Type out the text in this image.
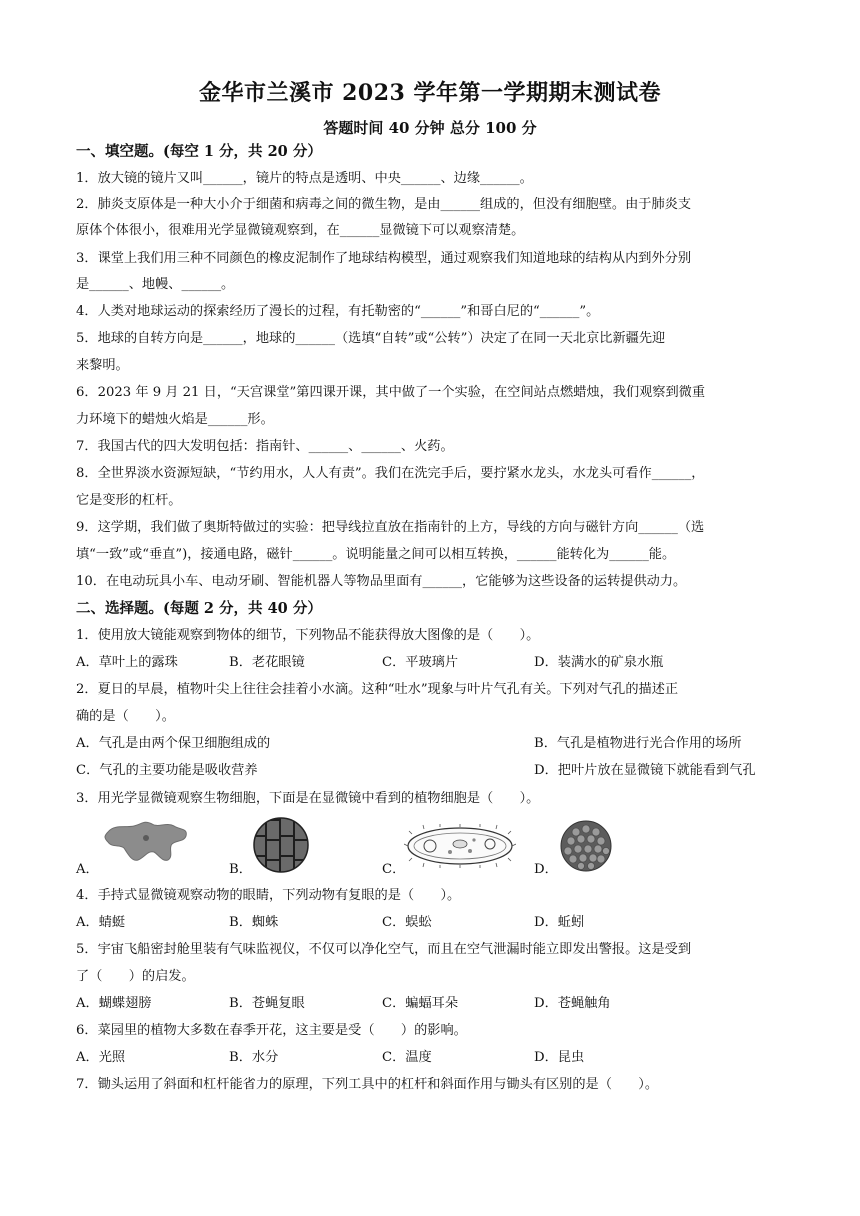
金华市兰溪市 2023 学年第一学期期末测试卷
答题时间 40 分钟 总分 100 分
一、填空题。(每空 1 分，共 20 分）
1．放大镜的镜片又叫______，镜片的特点是透明、中央______、边缘______。
2．肺炎支原体是一种大小介于细菌和病毒之间的微生物，是由______组成的，但没有细胞壁。由于肺炎支
原体个体很小，很难用光学显微镜观察到，在______显微镜下可以观察清楚。
3．课堂上我们用三种不同颜色的橡皮泥制作了地球结构模型，通过观察我们知道地球的结构从内到外分别
是______、地幔、______。
4．人类对地球运动的探索经历了漫长的过程，有托勒密的“______”和哥白尼的“______”。
5．地球的自转方向是______，地球的______（选填“自转”或“公转”）决定了在同一天北京比新疆先迎
来黎明。
6．2023 年 9 月 21 日，“天宫课堂”第四课开课，其中做了一个实验，在空间站点燃蜡烛，我们观察到微重
力环境下的蜡烛火焰是______形。
7．我国古代的四大发明包括：指南针、______、______、火药。
8．全世界淡水资源短缺，“节约用水，人人有责”。我们在洗完手后，要拧紧水龙头，水龙头可看作______，
它是变形的杠杆。
9．这学期，我们做了奥斯特做过的实验：把导线拉直放在指南针的上方，导线的方向与磁针方向______（选
填“一致”或“垂直”)，接通电路，磁针______。说明能量之间可以相互转换，______能转化为______能。
10．在电动玩具小车、电动牙刷、智能机器人等物品里面有______，它能够为这些设备的运转提供动力。
二、选择题。(每题 2 分，共 40 分）
1．使用放大镜能观察到物体的细节，下列物品不能获得放大图像的是（　　）。
A．草叶上的露珠	B．老花眼镜	C．平玻璃片	D．装满水的矿泉水瓶
2．夏日的早晨，植物叶尖上往往会挂着小水滴。这种“吐水”现象与叶片气孔有关。下列对气孔的描述正
确的是（　　）。
A．气孔是由两个保卫细胞组成的	B．气孔是植物进行光合作用的场所
C．气孔的主要功能是吸收营养	D．把叶片放在显微镜下就能看到气孔
3．用光学显微镜观察生物细胞，下面是在显微镜中看到的植物细胞是（　　）。
A．	B．	C．	D．
4．手持式显微镜观察动物的眼睛，下列动物有复眼的是（　　）。
A．蜻蜓	B．蜘蛛	C．蜈蚣	D．蚯蚓
5．宇宙飞船密封舱里装有气味监视仪，不仅可以净化空气，而且在空气泄漏时能立即发出警报。这是受到
了（　　）的启发。
A．蝴蝶翅膀	B．苍蝇复眼	C．蝙蝠耳朵	D．苍蝇触角
6．菜园里的植物大多数在春季开花，这主要是受（　　）的影响。
A．光照	B．水分	C．温度	D．昆虫
7．锄头运用了斜面和杠杆能省力的原理，下列工具中的杠杆和斜面作用与锄头有区别的是（　　）。
